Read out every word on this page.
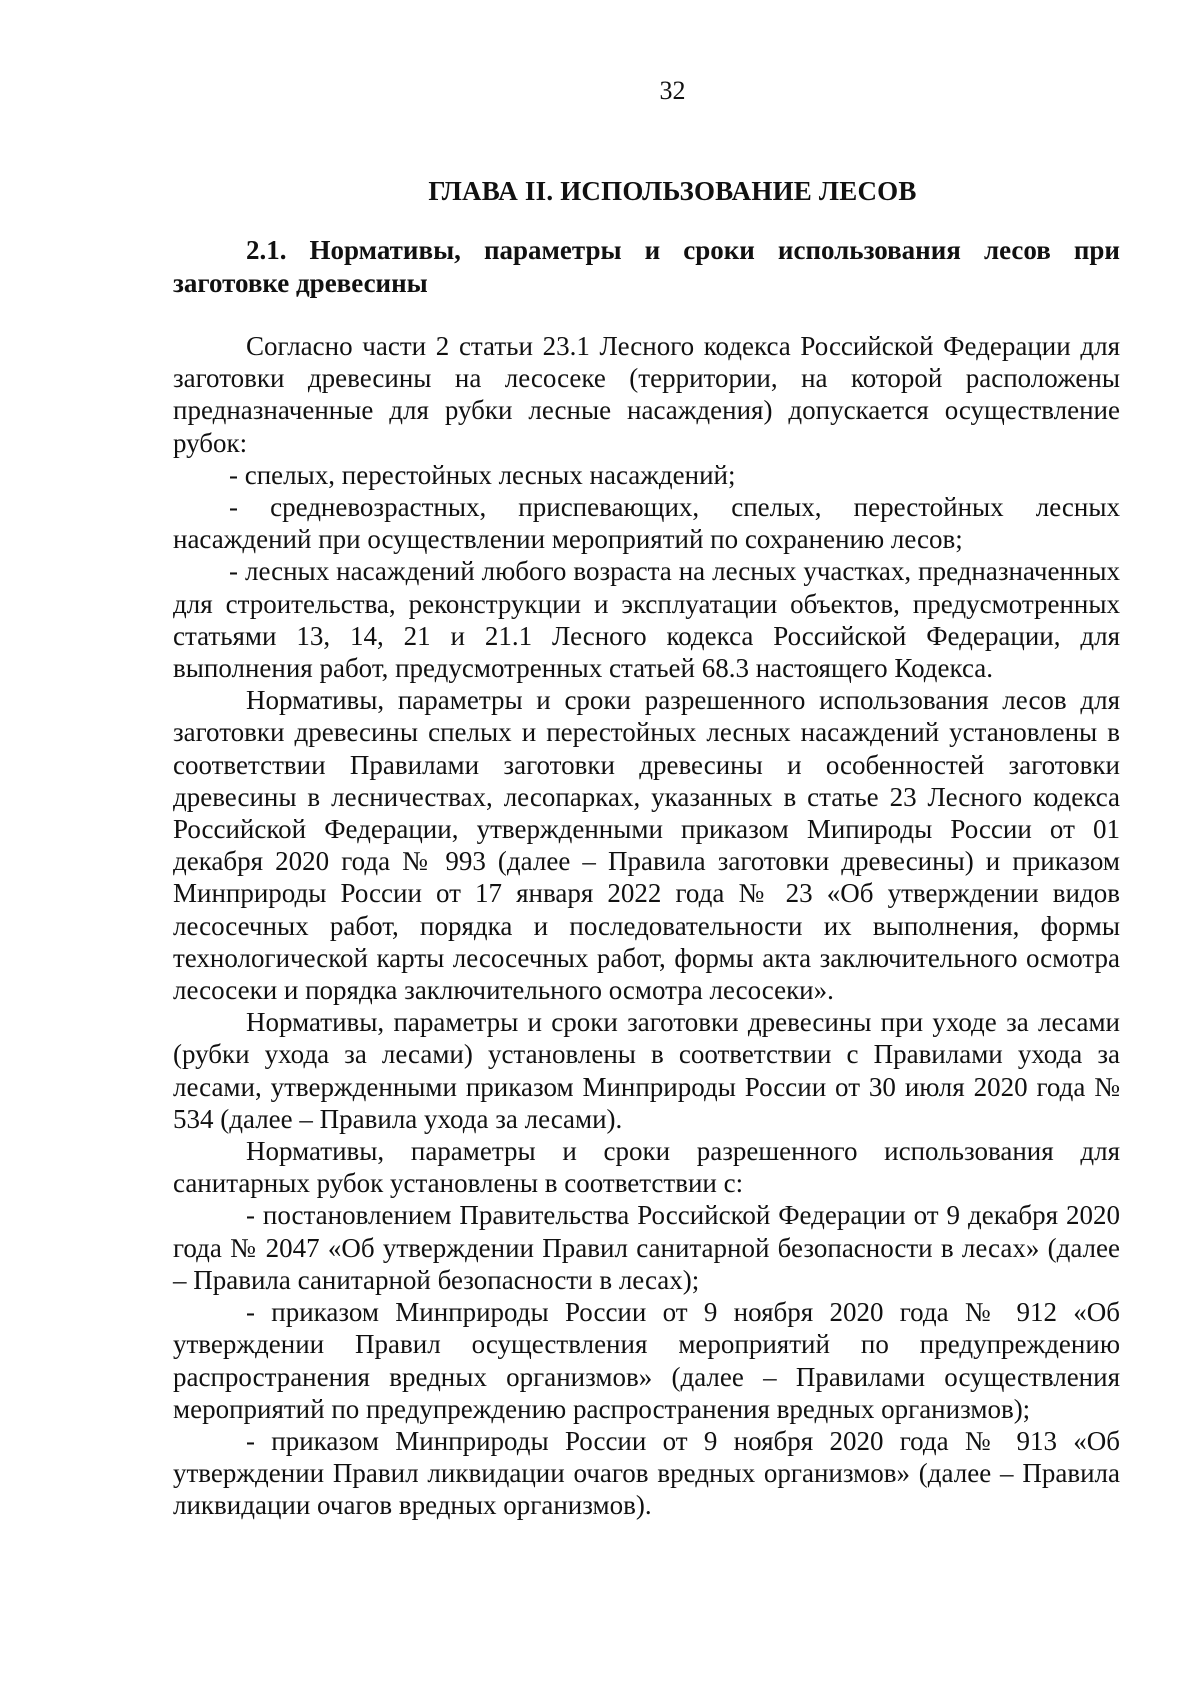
32
ГЛАВА II. ИСПОЛЬЗОВАНИЕ ЛЕСОВ

2.1. Нормативы, параметры и сроки использования лесов при заготовке древесины

Согласно части 2 статьи 23.1 Лесного кодекса Российской Федерации для заготовки древесины на лесосеке (территории, на которой расположены предназначенные для рубки лесные насаждения) допускается осуществление рубок:

- спелых, перестойных лесных насаждений;

- средневозрастных, приспевающих, спелых, перестойных лесных насаждений при осуществлении мероприятий по сохранению лесов;

- лесных насаждений любого возраста на лесных участках, предназначенных для строительства, реконструкции и эксплуатации объектов, предусмотренных статьями 13, 14, 21 и 21.1 Лесного кодекса Российской Федерации, для выполнения работ, предусмотренных статьей 68.3 настоящего Кодекса.

Нормативы, параметры и сроки разрешенного использования лесов для заготовки древесины спелых и перестойных лесных насаждений установлены в соответствии Правилами заготовки древесины и особенностей заготовки древесины в лесничествах, лесопарках, указанных в статье 23 Лесного кодекса Российской Федерации, утвержденными приказом Мипироды России от 01 декабря 2020 года № 993 (далее – Правила заготовки древесины) и приказом Минприроды России от 17 января 2022 года № 23 «Об утверждении видов лесосечных работ, порядка и последовательности их выполнения, формы технологической карты лесосечных работ, формы акта заключительного осмотра лесосеки и порядка заключительного осмотра лесосеки».

Нормативы, параметры и сроки заготовки древесины при уходе за лесами (рубки ухода за лесами) установлены в соответствии с Правилами ухода за лесами, утвержденными приказом Минприроды России от 30 июля 2020 года № 534 (далее – Правила ухода за лесами).

Нормативы, параметры и сроки разрешенного использования для санитарных рубок установлены в соответствии с:

- постановлением Правительства Российской Федерации от 9 декабря 2020 года № 2047 «Об утверждении Правил санитарной безопасности в лесах» (далее – Правила санитарной безопасности в лесах);

- приказом Минприроды России от 9 ноября 2020 года № 912 «Об утверждении Правил осуществления мероприятий по предупреждению распространения вредных организмов» (далее – Правилами осуществления мероприятий по предупреждению распространения вредных организмов);

- приказом Минприроды России от 9 ноября 2020 года № 913 «Об утверждении Правил ликвидации очагов вредных организмов» (далее – Правила ликвидации очагов вредных организмов).
